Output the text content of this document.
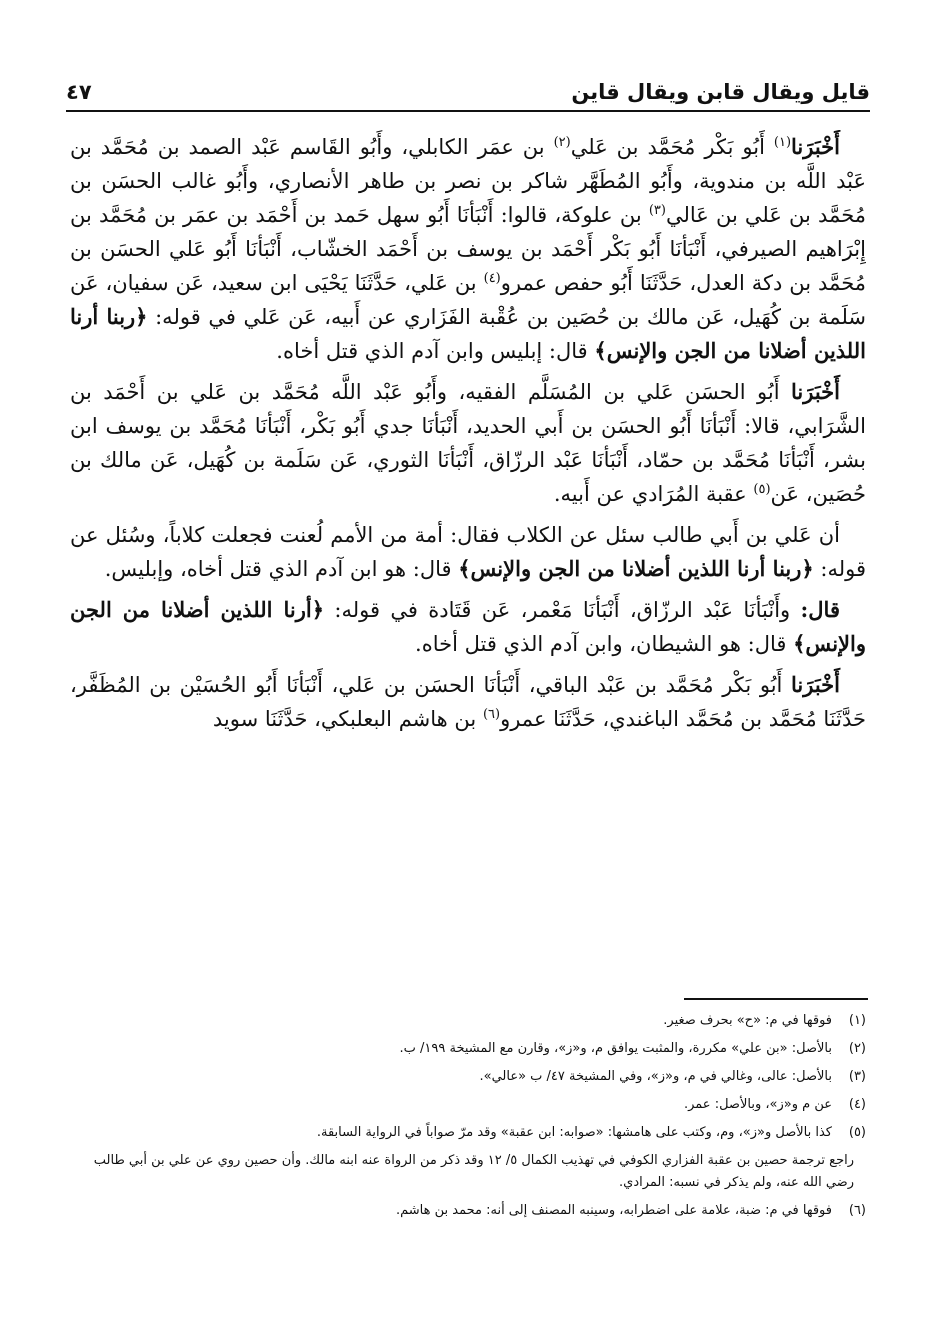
قايل ويقال قابن ويقال قاين
٤٧

أَخْبَرَنا$^{(١)}$ أَبُو بَكْر مُحَمَّد بن عَلي$^{(٢)}$ بن عمَر الكابلي، وأَبُو القَاسم عَبْد الصمد بن مُحَمَّد بن عَبْد اللَّه بن مندوية، وأَبُو المُطَهَّر شاكر بن نصر بن طاهر الأنصاري، وأَبُو غالب الحسَن بن مُحَمَّد بن عَلي بن عَالي$^{(٣)}$ بن علوكة، قالوا: أَنْبَأنَا أَبُو سهل حَمد بن أَحْمَد بن عمَر بن مُحَمَّد بن إِبْرَاهيم الصيرفي، أَنْبَأنَا أَبُو بَكْر أَحْمَد بن يوسف بن أَحْمَد الخشّاب، أَنْبَأنَا أَبُو عَلي الحسَن بن مُحَمَّد بن دكة العدل، حَدَّثَنَا أَبُو حفص عمرو$^{(٤)}$ بن عَلي، حَدَّثَنَا يَحْيَى ابن سعيد، عَن سفيان، عَن سَلَمة بن كُهَيل، عَن مالك بن حُصَين بن عُقْبة الفَزَاري عن أَبيه، عَن عَلي في قوله: ﴿ربنا أرنا اللذين أضلانا من الجن والإنس﴾ قال: إبليس وابن آدم الذي قتل أخاه.

أَخْبَرَنا أَبُو الحسَن عَلي بن المُسَلَّم الفقيه، وأَبُو عَبْد اللَّه مُحَمَّد بن عَلي بن أَحْمَد بن الشَّرَابي، قالا: أَنْبَأنَا أَبُو الحسَن بن أَبي الحديد، أَنْبَأنَا جدي أَبُو بَكْر، أَنْبَأنَا مُحَمَّد بن يوسف ابن بشر، أَنْبَأنَا مُحَمَّد بن حمّاد، أَنْبَأنَا عَبْد الرزّاق، أَنْبَأنَا الثوري، عَن سَلَمة بن كُهَيل، عَن مالك بن حُصَين، عَن$^{(٥)}$ عقبة المُرَادي عن أَبيه.

أن عَلي بن أَبي طالب سئل عن الكلاب فقال: أمة من الأمم لُعنت فجعلت كلاباً، وسُئل عن قوله: ﴿ربنا أرنا اللذين أضلانا من الجن والإنس﴾ قال: هو ابن آدم الذي قتل أخاه، وإبليس.

قال: وأَنْبَأنَا عَبْد الرزّاق، أَنْبَأنَا مَعْمر، عَن قَتَادة في قوله: ﴿أرنا اللذين أضلانا من الجن والإنس﴾ قال: هو الشيطان، وابن آدم الذي قتل أخاه.

أَخْبَرَنا أَبُو بَكْر مُحَمَّد بن عَبْد الباقي، أَنْبَأنَا الحسَن بن عَلي، أَنْبَأنَا أَبُو الحُسَيْن بن المُظَفَّر، حَدَّثَنَا مُحَمَّد بن مُحَمَّد الباغندي، حَدَّثَنَا عمرو$^{(٦)}$ بن هاشم البعلبكي، حَدَّثَنَا سويد

(١)
فوقها في م: «ح» بحرف صغير.
(٢)
بالأصل: «بن علي» مكررة، والمثبت يوافق م، و«ز»، وقارن مع المشيخة ١٩٩/ ب.
(٣)
بالأصل: عالى، وغالي في م، و«ز»، وفي المشيخة ٤٧/ ب «عالي».
(٤)
عن م و«ز»، وبالأصل: عمر.
(٥)
كذا بالأصل و«ز»، وم، وكتب على هامشها: «صوابه: ابن عقبة» وقد مرّ صواباً في الرواية السابقة.

راجع ترجمة حصين بن عقبة الفزاري الكوفي في تهذيب الكمال ٥/ ١٢ وقد ذكر من الرواة عنه ابنه مالك. وأن حصين روي عن علي بن أبي طالب رضي الله عنه، ولم يذكر في نسبه: المرادي.

(٦)
فوقها في م: ضبة، علامة على اضطرابه، وسينبه المصنف إلى أنه: محمد بن هاشم.
